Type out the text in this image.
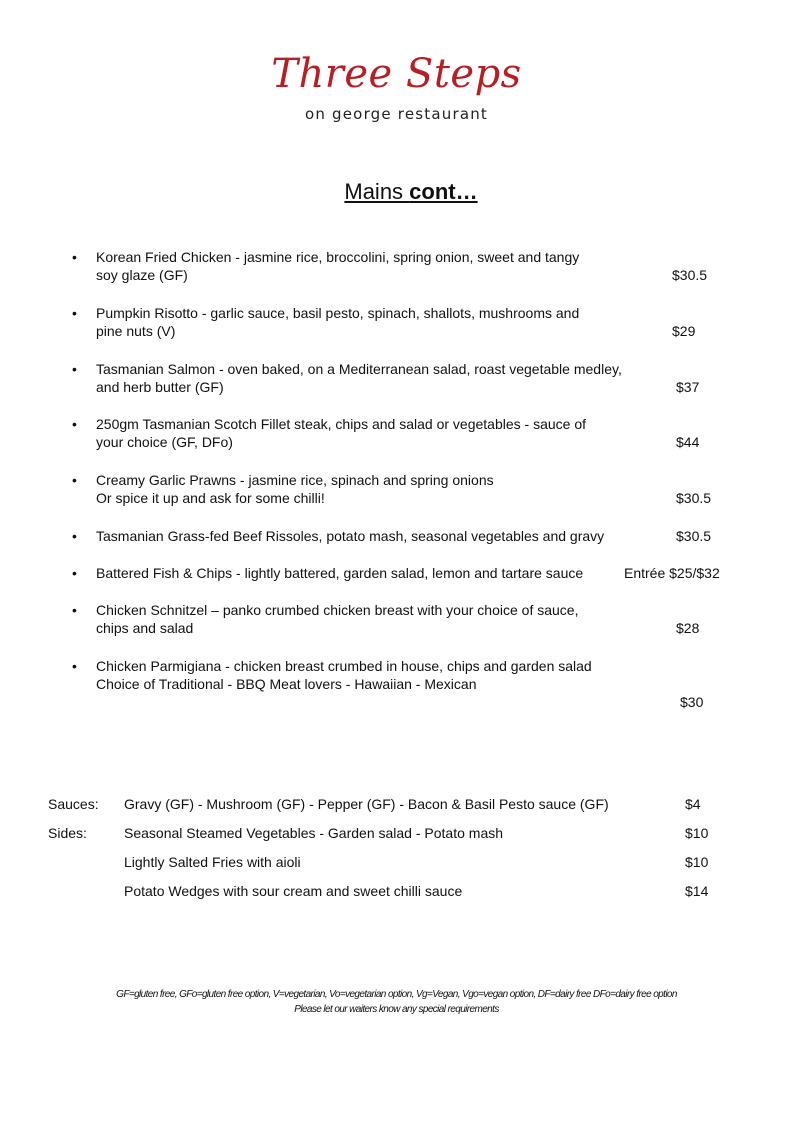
Three Steps
on george restaurant
Mains cont…
• Korean Fried Chicken - jasmine rice, broccolini, spring onion, sweet and tangy
soy glaze (GF)	$30.5
• Pumpkin Risotto - garlic sauce, basil pesto, spinach, shallots, mushrooms and
pine nuts (V)	$29
• Tasmanian Salmon - oven baked, on a Mediterranean salad, roast vegetable medley,
and herb butter (GF)	$37
• 250gm Tasmanian Scotch Fillet steak, chips and salad or vegetables - sauce of
your choice (GF, DFo)	$44
• Creamy Garlic Prawns - jasmine rice, spinach and spring onions
Or spice it up and ask for some chilli!	$30.5
• Tasmanian Grass-fed Beef Rissoles, potato mash, seasonal vegetables and gravy	$30.5
• Battered Fish & Chips - lightly battered, garden salad, lemon and tartare sauce	Entrée $25/$32
• Chicken Schnitzel – panko crumbed chicken breast with your choice of sauce,
chips and salad	$28
• Chicken Parmigiana - chicken breast crumbed in house, chips and garden salad
Choice of Traditional - BBQ Meat lovers - Hawaiian - Mexican
$30
Sauces: Gravy (GF) - Mushroom (GF) - Pepper (GF) - Bacon & Basil Pesto sauce (GF)	$4
Sides:	Seasonal Steamed Vegetables - Garden salad - Potato mash	$10
Lightly Salted Fries with aioli	$10
Potato Wedges with sour cream and sweet chilli sauce	$14
GF=gluten free, GFo=gluten free option, V=vegetarian, Vo=vegetarian option, Vg=Vegan, Vgo=vegan option, DF=dairy free DFo=dairy free option
Please let our waiters know any special requirements
